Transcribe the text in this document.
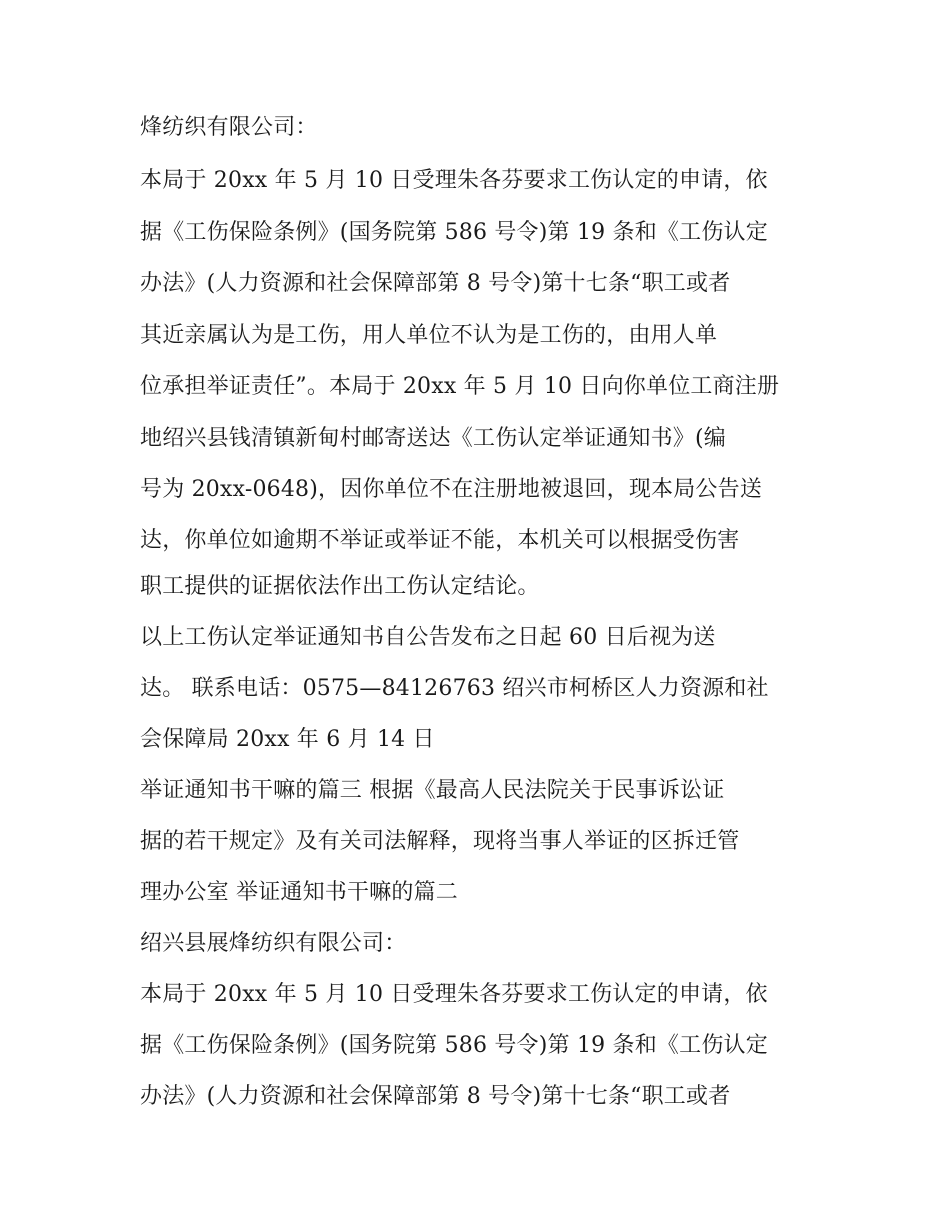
烽纺织有限公司：

本局于 20xx 年 5 月 10 日受理朱各芬要求工伤认定的申请，依

据《工伤保险条例》(国务院第 586 号令)第 19 条和《工伤认定

办法》(人力资源和社会保障部第 8 号令)第十七条“职工或者

其近亲属认为是工伤，用人单位不认为是工伤的，由用人单

位承担举证责任”。本局于 20xx 年 5 月 10 日向你单位工商注册

地绍兴县钱清镇新甸村邮寄送达《工伤认定举证通知书》(编

号为 20xx-0648)，因你单位不在注册地被退回，现本局公告送

达，你单位如逾期不举证或举证不能，本机关可以根据受伤害

职工提供的证据依法作出工伤认定结论。

以上工伤认定举证通知书自公告发布之日起 60 日后视为送

达。 联系电话：0575—84126763 绍兴市柯桥区人力资源和社

会保障局 20xx 年 6 月 14 日

举证通知书干嘛的篇三 根据《最高人民法院关于民事诉讼证

据的若干规定》及有关司法解释，现将当事人举证的区拆迁管

理办公室 举证通知书干嘛的篇二

绍兴县展烽纺织有限公司：

本局于 20xx 年 5 月 10 日受理朱各芬要求工伤认定的申请，依

据《工伤保险条例》(国务院第 586 号令)第 19 条和《工伤认定

办法》(人力资源和社会保障部第 8 号令)第十七条“职工或者
